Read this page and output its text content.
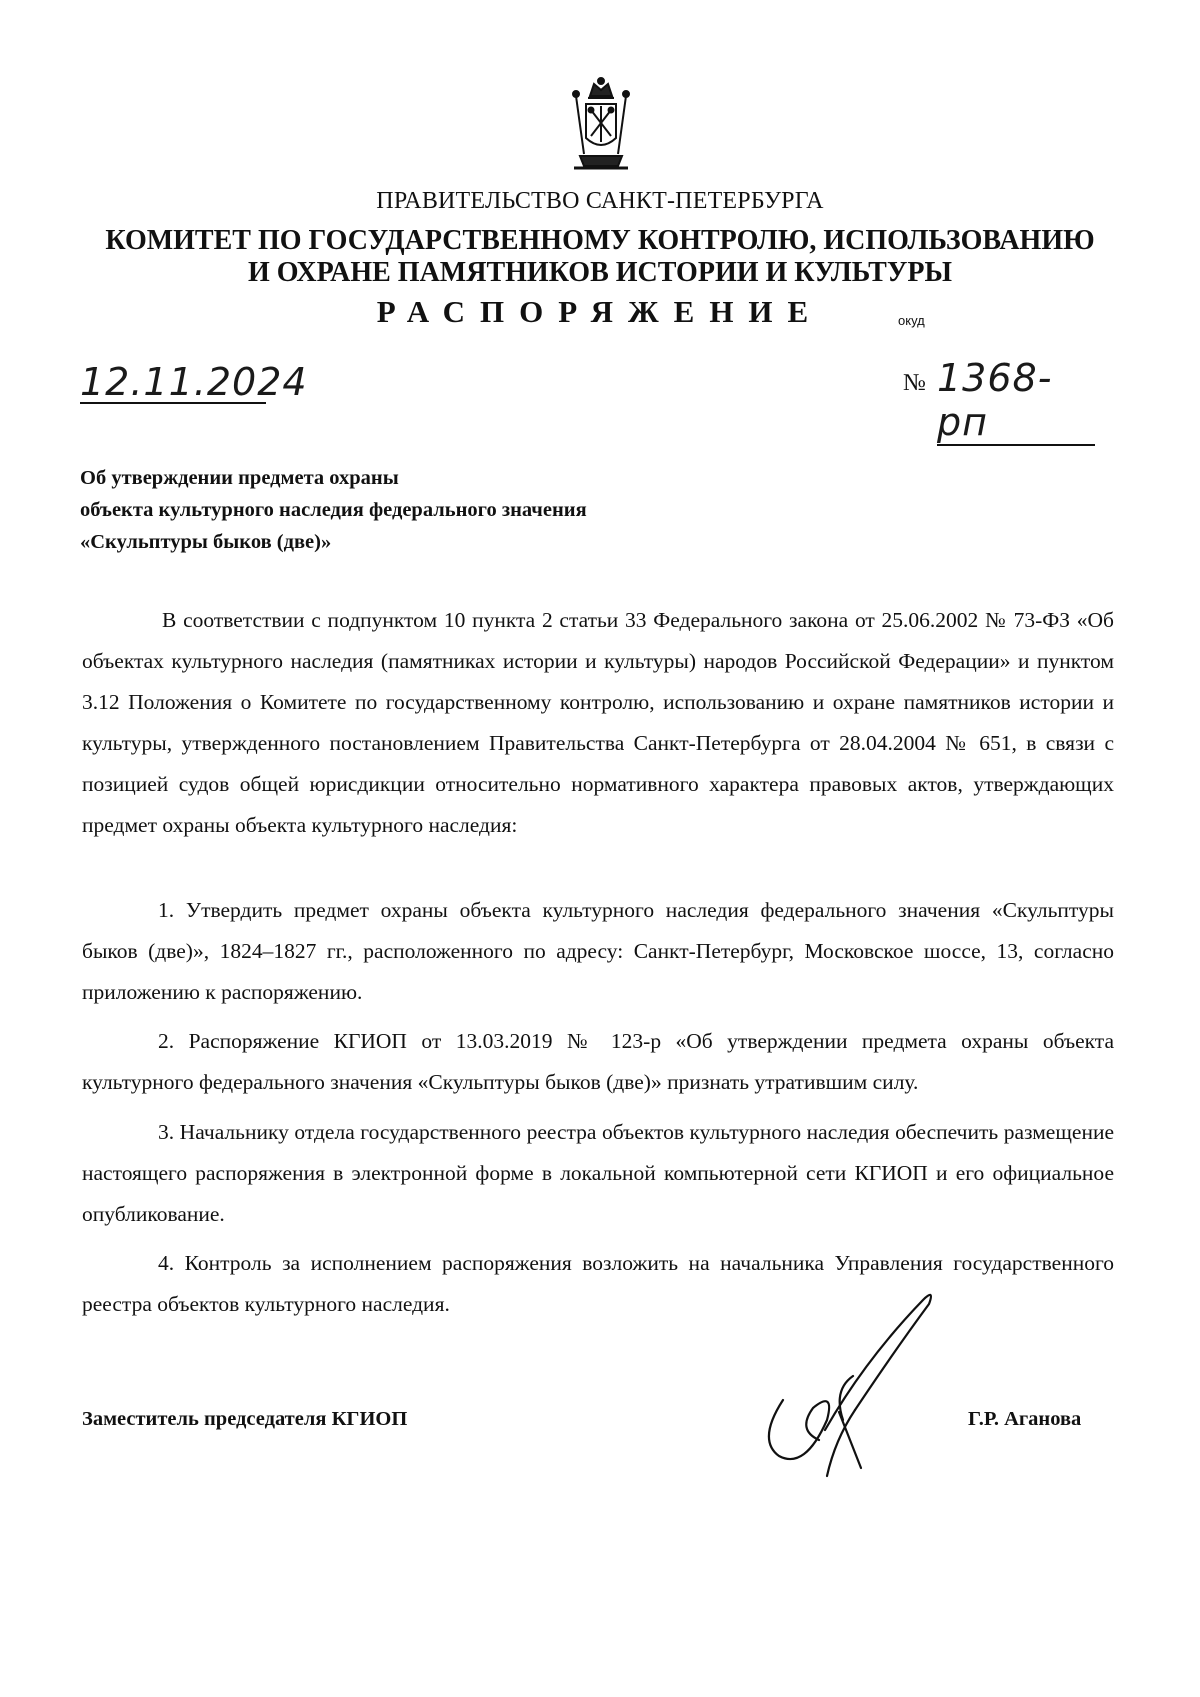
ПРАВИТЕЛЬСТВО САНКТ-ПЕТЕРБУРГА
КОМИТЕТ ПО ГОСУДАРСТВЕННОМУ КОНТРОЛЮ, ИСПОЛЬЗОВАНИЮ
И ОХРАНЕ ПАМЯТНИКОВ ИСТОРИИ И КУЛЬТУРЫ
РАСПОРЯЖЕНИЕ	окуд
12.11.2024	№ 1368-рп
Об утверждении предмета охраны
объекта культурного наследия федерального значения
«Скульптуры быков (две)»
В соответствии с подпунктом 10 пункта 2 статьи 33 Федерального закона от 25.06.2002 № 73-ФЗ «Об объектах культурного наследия (памятниках истории и культуры) народов Российской Федерации» и пунктом 3.12 Положения о Комитете по государственному контролю, использованию и охране памятников истории и культуры, утвержденного постановлением Правительства Санкт-Петербурга от 28.04.2004 № 651, в связи с позицией судов общей юрисдикции относительно нормативного характера правовых актов, утверждающих предмет охраны объекта культурного наследия:
1. Утвердить предмет охраны объекта культурного наследия федерального значения «Скульптуры быков (две)», 1824–1827 гг., расположенного по адресу: Санкт-Петербург, Московское шоссе, 13, согласно приложению к распоряжению.
2. Распоряжение КГИОП от 13.03.2019 № 123-р «Об утверждении предмета охраны объекта культурного федерального значения «Скульптуры быков (две)» признать утратившим силу.
3. Начальнику отдела государственного реестра объектов культурного наследия обеспечить размещение настоящего распоряжения в электронной форме в локальной компьютерной сети КГИОП и его официальное опубликование.
4. Контроль за исполнением распоряжения возложить на начальника Управления государственного реестра объектов культурного наследия.
Заместитель председателя КГИОП	Г.Р. Аганова
